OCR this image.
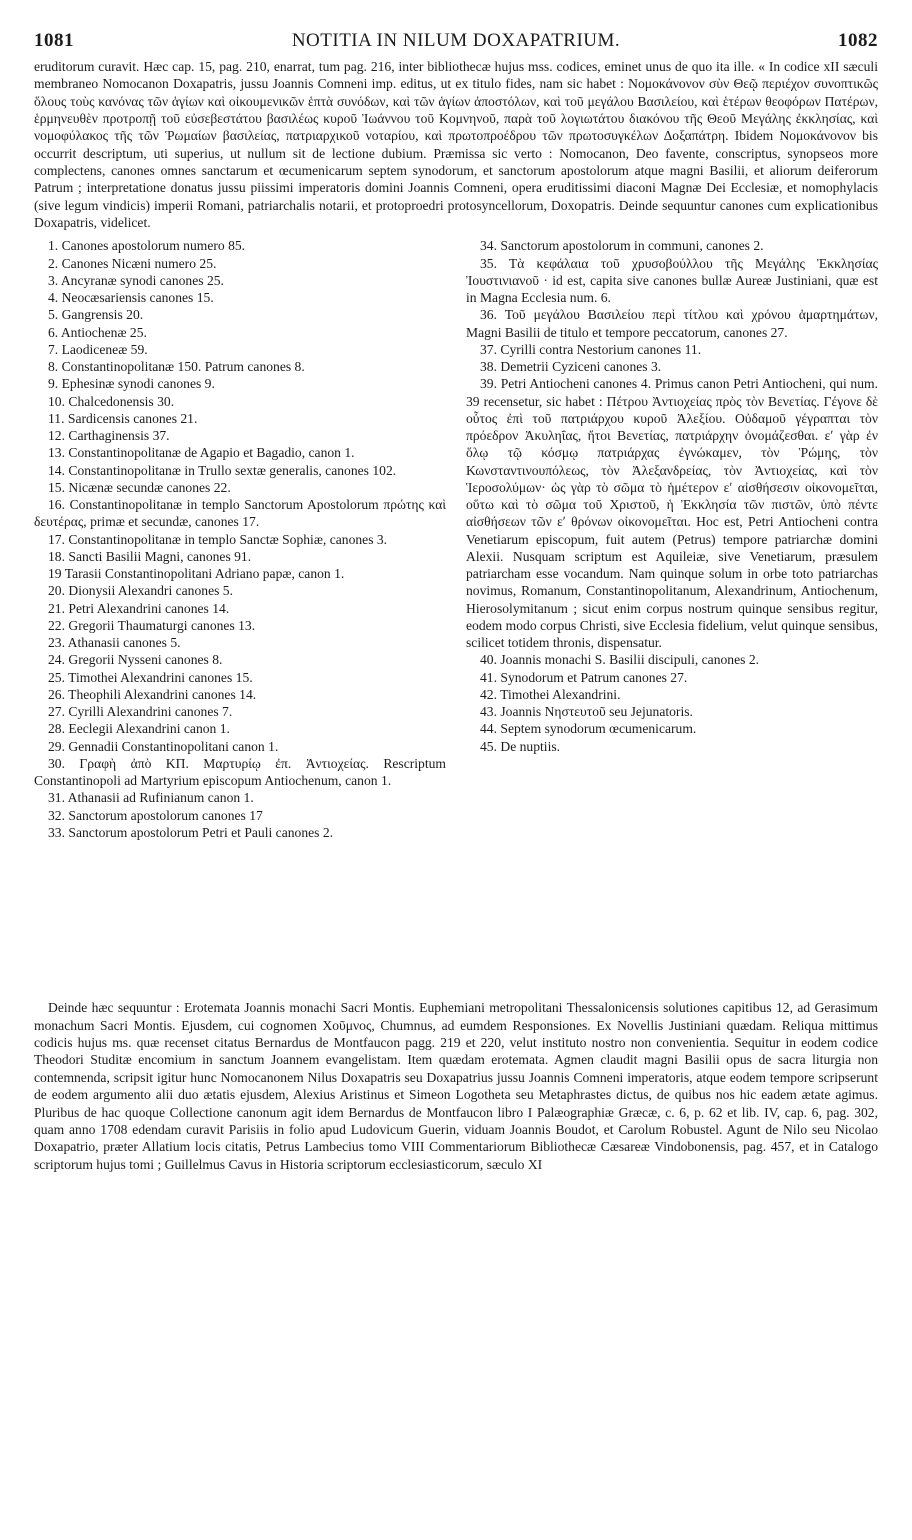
1081	NOTITIA IN NILUM DOXAPATRIUM.	1082

eruditorum curavit. Hæc cap. 15, pag. 210, enarrat, tum pag. 216, inter bibliothecæ hujus mss. codices, eminet unus de quo ita ille. « In codice xII sæculi membraneo Nomocanon Doxapatris, jussu Joannis Comneni imp. editus, ut ex titulo fides, nam sic habet : Νομοκάνονον σὺν Θεῷ περιέχον συνοπτικῶς ὅλους τοὺς κανόνας τῶν ἁγίων καὶ οἰκουμενικῶν ἑπτὰ συνόδων, καὶ τῶν ἁγίων ἀποστόλων, καὶ τοῦ μεγάλου Βασιλείου, καὶ ἑτέρων θεοφόρων Πατέρων, ἑρμηνευθὲν προτροπῇ τοῦ εὐσεβεστάτου βασιλέως κυροῦ Ἰωάννου τοῦ Κομνηνοῦ, παρὰ τοῦ λογιωτάτου διακόνου τῆς Θεοῦ Μεγάλης ἐκκλησίας, καὶ νομοφύλακος τῆς τῶν Ῥωμαίων βασιλείας, πατριαρχικοῦ νοταρίου, καὶ πρωτοπροέδρου τῶν πρωτοσυγκέλων Δοξαπάτρη. Ibidem Νομοκάνονον bis occurrit descriptum, uti superius, ut nullum sit de lectione dubium. Præmissa sic verto : Nomocanon, Deo favente, conscriptus, synopseos more complectens, canones omnes sanctarum et œcumenicarum septem synodorum, et sanctorum apostolorum atque magni Basilii, et aliorum deiferorum Patrum ; interpretatione donatus jussu piissimi imperatoris domini Joannis Comneni, opera eruditissimi diaconi Magnæ Dei Ecclesiæ, et nomophylacis (sive legum vindicis) imperii Romani, patriarchalis notarii, et protoproedri protosyncellorum, Doxopatris. Deinde sequuntur canones cum explicationibus Doxapatris, videlicet.

1. Canones apostolorum numero 85.

2. Canones Nicæni numero 25.

3. Ancyranæ synodi canones 25.

4. Neocæsariensis canones 15.

5. Gangrensis 20.

6. Antiochenæ 25.

7. Laodiceneæ 59.

8. Constantinopolitanæ 150. Patrum canones 8.

9. Ephesinæ synodi canones 9.

10. Chalcedonensis 30.

11. Sardicensis canones 21.

12. Carthaginensis 37.

13. Constantinopolitanæ de Agapio et Bagadio, canon 1.

14. Constantinopolitanæ in Trullo sextæ generalis, canones 102.

15. Nicænæ secundæ canones 22.

16. Constantinopolitanæ in templo Sanctorum Apostolorum πρώτης καὶ δευτέρας, primæ et secundæ, canones 17.

17. Constantinopolitanæ in templo Sanctæ Sophiæ, canones 3.

18. Sancti Basilii Magni, canones 91.

19 Tarasii Constantinopolitani Adriano papæ, canon 1.

20. Dionysii Alexandri canones 5.

21. Petri Alexandrini canones 14.

22. Gregorii Thaumaturgi canones 13.

23. Athanasii canones 5.

24. Gregorii Nysseni canones 8.

25. Timothei Alexandrini canones 15.

26. Theophili Alexandrini canones 14.

27. Cyrilli Alexandrini canones 7.

28. Eeclegii Alexandrini canon 1.

29. Gennadii Constantinopolitani canon 1.

30. Γραφὴ ἀπὸ ΚΠ. Μαρτυρίῳ ἐπ. Ἀντιοχείας. Rescriptum Constantinopoli ad Martyrium episcopum Antiochenum, canon 1.

31. Athanasii ad Rufinianum canon 1.

32. Sanctorum apostolorum canones 17

33. Sanctorum apostolorum Petri et Pauli canones 2.

34. Sanctorum apostolorum in communi, canones 2.

35. Τὰ κεφάλαια τοῦ χρυσοβούλλου τῆς Μεγάλης Ἐκκλησίας Ἰουστινιανοῦ · id est, capita sive canones bullæ Aureæ Justiniani, quæ est in Magna Ecclesia num. 6.

36. Τοῦ μεγάλου Βασιλείου περὶ τίτλου καὶ χρόνου ἁμαρτημάτων, Magni Basilii de titulo et tempore peccatorum, canones 27.

37. Cyrilli contra Nestorium canones 11.

38. Demetrii Cyziceni canones 3.

39. Petri Antiocheni canones 4. Primus canon Petri Antiocheni, qui num. 39 recensetur, sic habet : Πέτρου Ἀντιοχείας πρὸς τὸν Βενετίας. Γέγονε δὲ οὗτος ἐπὶ τοῦ πατριάρχου κυροῦ Ἀλεξίου. Οὐδαμοῦ γέγραπται τὸν πρόεδρον Ἀκυληΐας, ἤτοι Βενετίας, πατριάρχην ὀνομάζεσθαι. εʹ γὰρ ἐν ὅλῳ τῷ κόσμῳ πατριάρχας ἐγνώκαμεν, τὸν Ῥώμης, τὸν Κωνσταντινουπόλεως, τὸν Ἀλεξανδρείας, τὸν Ἀντιοχείας, καὶ τὸν Ἱεροσολύμων· ὡς γὰρ τὸ σῶμα τὸ ἡμέτερον εʹ αἰσθήσεσιν οἰκονομεῖται, οὕτω καὶ τὸ σῶμα τοῦ Χριστοῦ, ἡ Ἐκκλησία τῶν πιστῶν, ὑπὸ πέντε αἰσθήσεων τῶν εʹ θρόνων οἰκονομεῖται. Hoc est, Petri Antiocheni contra Venetiarum episcopum, fuit autem (Petrus) tempore patriarchæ domini Alexii. Nusquam scriptum est Aquileiæ, sive Venetiarum, præsulem patriarcham esse vocandum. Nam quinque solum in orbe toto patriarchas novimus, Romanum, Constantinopolitanum, Alexandrinum, Antiochenum, Hierosolymitanum ; sicut enim corpus nostrum quinque sensibus regitur, eodem modo corpus Christi, sive Ecclesia fidelium, velut quinque sensibus, scilicet totidem thronis, dispensatur.

40. Joannis monachi S. Basilii discipuli, canones 2.

41. Synodorum et Patrum canones 27.

42. Timothei Alexandrini.

43. Joannis Νηστευτοῦ seu Jejunatoris.

44. Septem synodorum œcumenicarum.

45. De nuptiis.

Deinde hæc sequuntur : Erotemata Joannis monachi Sacri Montis. Euphemiani metropolitani Thessalonicensis solutiones capitibus 12, ad Gerasimum monachum Sacri Montis. Ejusdem, cui cognomen Χοῦμνος, Chumnus, ad eumdem Responsiones. Ex Novellis Justiniani quædam. Reliqua mittimus codicis hujus ms. quæ recenset citatus Bernardus de Montfaucon pagg. 219 et 220, velut instituto nostro non convenientia. Sequitur in eodem codice Theodori Studitæ encomium in sanctum Joannem evangelistam. Item quædam erotemata. Agmen claudit magni Basilii opus de sacra liturgia non contemnenda, scripsit igitur hunc Nomocanonem Nilus Doxapatris seu Doxapatrius jussu Joannis Comneni imperatoris, atque eodem tempore scripserunt de eodem argumento alii duo ætatis ejusdem, Alexius Aristinus et Simeon Logotheta seu Metaphrastes dictus, de quibus nos hic eadem ætate agimus. Pluribus de hac quoque Collectione canonum agit idem Bernardus de Montfaucon libro I Palæographiæ Græcæ, c. 6, p. 62 et lib. IV, cap. 6, pag. 302, quam anno 1708 edendam curavit Parisiis in folio apud Ludovicum Guerin, viduam Joannis Boudot, et Carolum Robustel. Agunt de Nilo seu Nicolao Doxapatrio, præter Allatium locis citatis, Petrus Lambecius tomo VIII Commentariorum Bibliothecæ Cæsareæ Vindobonensis, pag. 457, et in Catalogo scriptorum hujus tomi ; Guillelmus Cavus in Historia scriptorum ecclesiasticorum, sæculo XI
